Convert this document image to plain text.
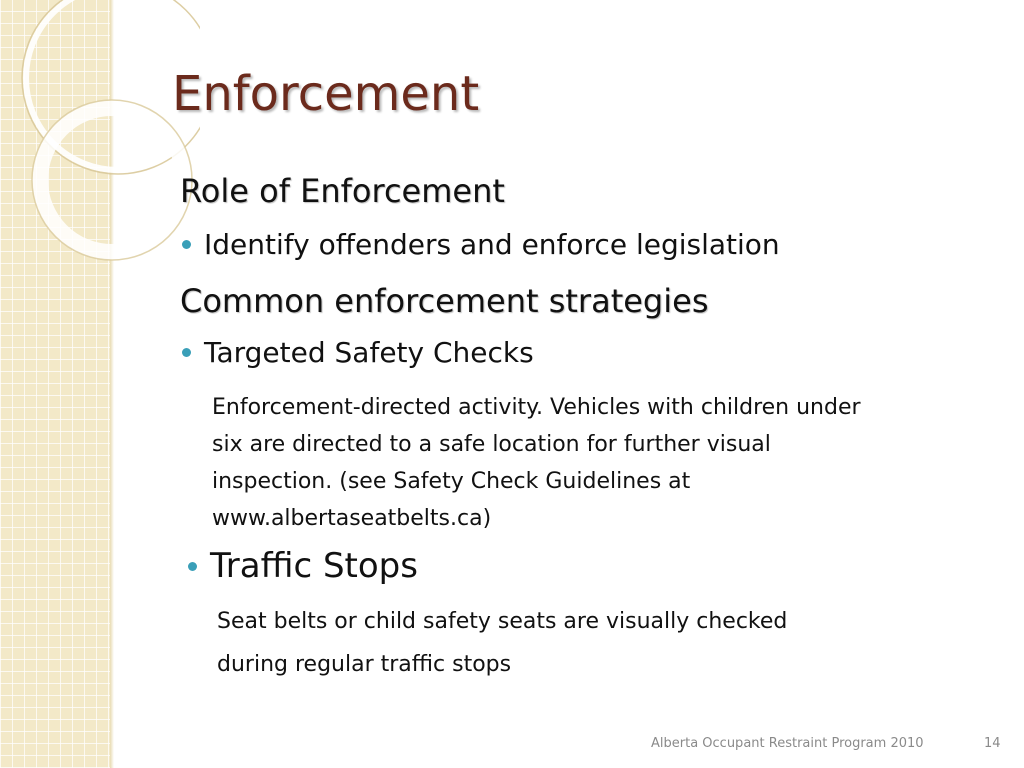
Enforcement
Role of Enforcement
Identify offenders and enforce legislation
Common enforcement strategies
Targeted Safety Checks

Enforcement-directed activity. Vehicles with children under
six are directed to a safe location for further visual
inspection. (see Safety Check Guidelines at
www.albertaseatbelts.ca)

Traffic Stops

Seat belts or child safety seats are visually checked
during regular traffic stops

Alberta Occupant Restraint Program 2010	14
